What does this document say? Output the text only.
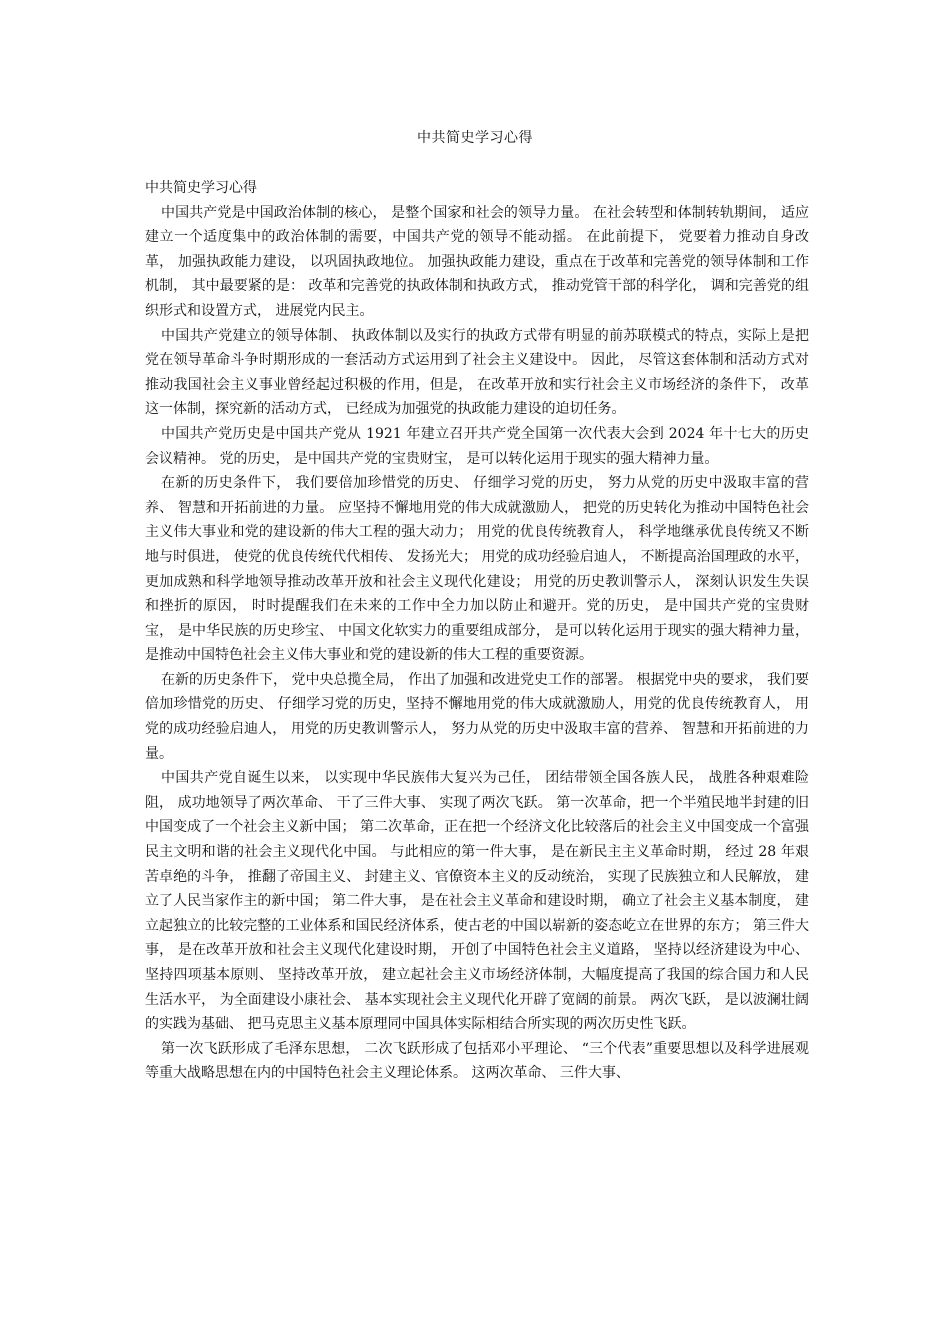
中共简史学习心得

中共简史学习心得

中国共产党是中国政治体制的核心， 是整个国家和社会的领导力量。 在社会转型和体制转轨期间， 适应建立一个适度集中的政治体制的需要，中国共产党的领导不能动摇。 在此前提下， 党要着力推动自身改革， 加强执政能力建设， 以巩固执政地位。 加强执政能力建设，重点在于改革和完善党的领导体制和工作机制， 其中最要紧的是： 改革和完善党的执政体制和执政方式， 推动党管干部的科学化， 调和完善党的组织形式和设置方式， 进展党内民主。

中国共产党建立的领导体制、 执政体制以及实行的执政方式带有明显的前苏联模式的特点，实际上是把党在领导革命斗争时期形成的一套活动方式运用到了社会主义建设中。 因此， 尽管这套体制和活动方式对推动我国社会主义事业曾经起过积极的作用，但是， 在改革开放和实行社会主义市场经济的条件下， 改革这一体制，探究新的活动方式， 已经成为加强党的执政能力建设的迫切任务。

中国共产党历史是中国共产党从 1921 年建立召开共产党全国第一次代表大会到 2024 年十七大的历史会议精神。 党的历史， 是中国共产党的宝贵财宝， 是可以转化运用于现实的强大精神力量。

在新的历史条件下， 我们要倍加珍惜党的历史、 仔细学习党的历史， 努力从党的历史中汲取丰富的营养、 智慧和开拓前进的力量。 应坚持不懈地用党的伟大成就激励人， 把党的历史转化为推动中国特色社会主义伟大事业和党的建设新的伟大工程的强大动力； 用党的优良传统教育人， 科学地继承优良传统又不断地与时俱进， 使党的优良传统代代相传、 发扬光大； 用党的成功经验启迪人， 不断提高治国理政的水平， 更加成熟和科学地领导推动改革开放和社会主义现代化建设； 用党的历史教训警示人， 深刻认识发生失误和挫折的原因， 时时提醒我们在未来的工作中全力加以防止和避开。党的历史， 是中国共产党的宝贵财宝， 是中华民族的历史珍宝、 中国文化软实力的重要组成部分， 是可以转化运用于现实的强大精神力量，是推动中国特色社会主义伟大事业和党的建设新的伟大工程的重要资源。

在新的历史条件下， 党中央总揽全局， 作出了加强和改进党史工作的部署。 根据党中央的要求， 我们要倍加珍惜党的历史、 仔细学习党的历史，坚持不懈地用党的伟大成就激励人，用党的优良传统教育人， 用党的成功经验启迪人， 用党的历史教训警示人， 努力从党的历史中汲取丰富的营养、 智慧和开拓前进的力量。

中国共产党自诞生以来， 以实现中华民族伟大复兴为己任， 团结带领全国各族人民， 战胜各种艰难险阻， 成功地领导了两次革命、 干了三件大事、 实现了两次飞跃。 第一次革命，把一个半殖民地半封建的旧中国变成了一个社会主义新中国； 第二次革命，正在把一个经济文化比较落后的社会主义中国变成一个富强民主文明和谐的社会主义现代化中国。 与此相应的第一件大事， 是在新民主主义革命时期， 经过 28 年艰苦卓绝的斗争， 推翻了帝国主义、 封建主义、官僚资本主义的反动统治， 实现了民族独立和人民解放， 建立了人民当家作主的新中国； 第二件大事， 是在社会主义革命和建设时期， 确立了社会主义基本制度， 建立起独立的比较完整的工业体系和国民经济体系，使古老的中国以崭新的姿态屹立在世界的东方； 第三件大事， 是在改革开放和社会主义现代化建设时期， 开创了中国特色社会主义道路， 坚持以经济建设为中心、 坚持四项基本原则、 坚持改革开放， 建立起社会主义市场经济体制，大幅度提高了我国的综合国力和人民生活水平， 为全面建设小康社会、 基本实现社会主义现代化开辟了宽阔的前景。 两次飞跃， 是以波澜壮阔的实践为基础、 把马克思主义基本原理同中国具体实际相结合所实现的两次历史性飞跃。

第一次飞跃形成了毛泽东思想， 二次飞跃形成了包括邓小平理论、 “三个代表”重要思想以及科学进展观等重大战略思想在内的中国特色社会主义理论体系。 这两次革命、 三件大事、
